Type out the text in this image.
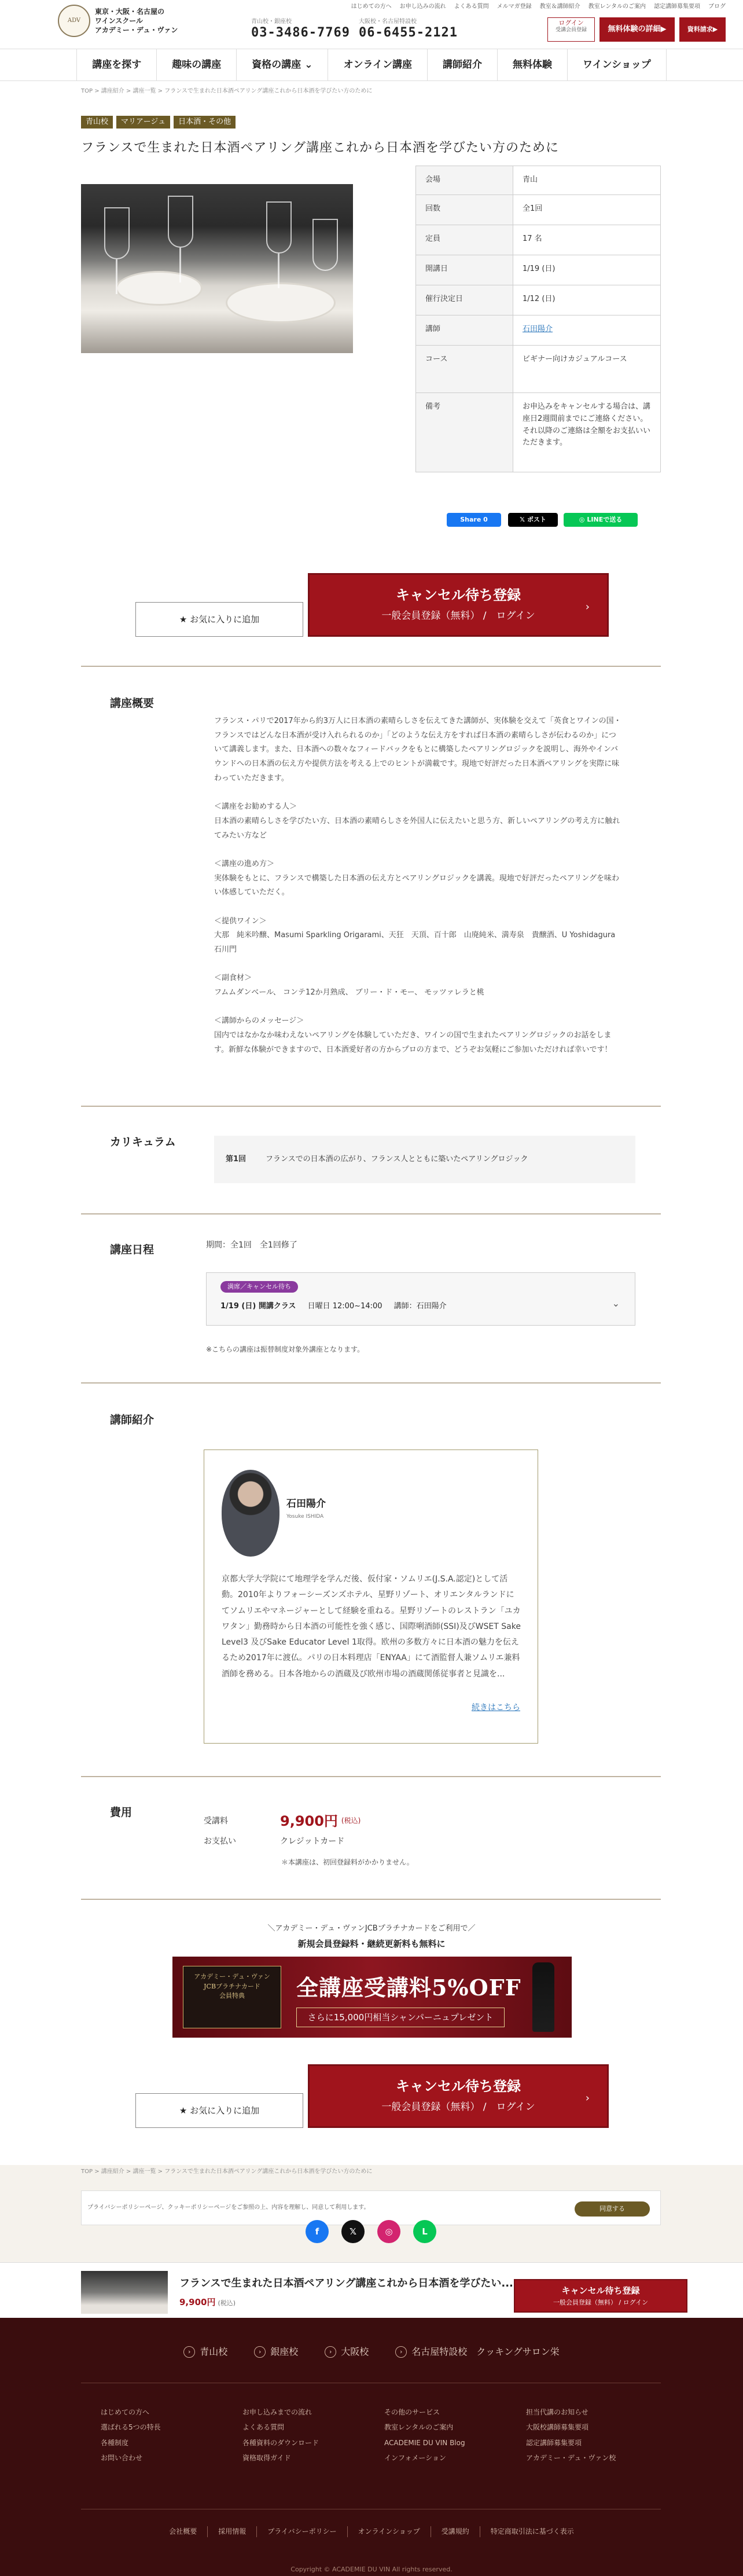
ADV
東京・大阪・名古屋の
ワインスクール
アカデミー・デュ・ヴァン
青山校・銀座校
03-3486-7769
大阪校・名古屋特設校
06-6455-2121
はじめての方へ お申し込みの流れ よくある質問 メルマガ登録 教室＆講師紹介 教室レンタルのご案内 認定講師募集要項 ブログ
ログイン
受講会員登録	無料体験の詳細▶	資料請求▶
講座を探す	趣味の講座	資格の講座 ⌄	オンライン講座	講師紹介	無料体験	ワインショップ
TOP > 講座紹介 > 講座一覧 > フランスで生まれた日本酒ペアリング講座これから日本酒を学びたい方のために
青山校	マリアージュ	日本酒・その他
フランスで生まれた日本酒ペアリング講座これから日本酒を学びたい方のために
会場	青山
回数	全1回
定員	17 名
開講日	1/19 (日)
催行決定日	1/12 (日)
講師	石田陽介
コース	ビギナー向けカジュアルコース
備考	お申込みをキャンセルする場合は、講座日2週間前までにご連絡ください。それ以降のご連絡は全額をお支払いいただきます。
Share 0	𝕏 ポスト	◎ LINEで送る
★ お気に入りに追加
キャンセル待ち登録
一般会員登録（無料） /　ログイン
›
講座概要
フランス・パリで2017年から約3万人に日本酒の素晴らしさを伝えてきた講師が、実体験を交えて「英食とワインの国・フランスではどんな日本酒が受け入れられるのか」「どのような伝え方をすれば日本酒の素晴らしさが伝わるのか」について講義します。また、日本酒への数々なフィードバックをもとに構築したペアリングロジックを説明し、海外やインバウンドへの日本酒の伝え方や提供方法を考える上でのヒントが満載です。現地で好評だった日本酒ペアリングを実際に味わっていただきます。

＜講座をお勧めする人＞
日本酒の素晴らしさを学びたい方、日本酒の素晴らしさを外国人に伝えたいと思う方、新しいペアリングの考え方に触れてみたい方など

＜講座の進め方＞
実体験をもとに、フランスで構築した日本酒の伝え方とペアリングロジックを講義。現地で好評だったペアリングを味わい体感していただく。

＜提供ワイン＞
大那　純米吟醸、Masumi Sparkling Origarami、天狂　天頂、百十郎　山廃純米、満寿泉　貴醸酒、U Yoshidagura 石川門

＜副食材＞
フムムダンベール、 コンテ12か月熟成、 ブリー・ド・モー、 モッツァレラと桃

＜講師からのメッセージ＞
国内ではなかなか味わえないペアリングを体験していただき、ワインの国で生まれたペアリングロジックのお話をします。新鮮な体験ができますので、日本酒愛好者の方からプロの方まで、どうぞお気軽にご参加いただければ幸いです！
カリキュラム
第1回	フランスでの日本酒の広がり、フランス人とともに築いたペアリングロジック
講座日程	期間：全1回　全1回修了
満席／キャンセル待ち
1/19 (日) 開講クラス 日曜日 12:00~14:00 講師：石田陽介	⌄
※こちらの講座は振替制度対象外講座となります。
講師紹介
石田陽介
Yosuke ISHIDA
京都大学大学院にて地理学を学んだ後、仮付家・ソムリエ(J.S.A.認定)として活動。2010年よりフォーシーズンズホテル、星野リゾート、オリエンタルランドにてソムリエやマネージャーとして経験を重ねる。星野リゾートのレストラン「ユカワタン」勤務時から日本酒の可能性を強く感じ、国際唎酒師(SSI)及びWSET Sake Level3 及びSake Educator Level 1取得。欧州の多数方々に日本酒の魅力を伝えるため2017年に渡仏。パリの日本料理店「ENYAA」にて酒監督人兼ソムリエ兼料酒師を務める。日本各地からの酒蔵及び欧州市場の酒蔵関係従事者と見識を...
続きはこちら
費用
受講料	9,900円 (税込)
お支払い	クレジットカード
＊本講座は、初回登録料がかかりません。
＼アカデミー・デュ・ヴァンJCBプラチナカードをご利用で／
新規会員登録料・継続更新料も無料に
アカデミー・デュ・ヴァン
JCBプラチナカード
会員特典	全講座受講料5%OFF
さらに15,000円相当シャンパーニュプレゼント
★ お気に入りに追加
キャンセル待ち登録
一般会員登録（無料） /　ログイン
›
TOP > 講座紹介 > 講座一覧 > フランスで生まれた日本酒ペアリング講座これから日本酒を学びたい方のために
プライバシーポリシーページ、クッキーポリシーページをご参照の上、内容を理解し、同意して利用します。	同意する
f	𝕏	◎	L
フランスで生まれた日本酒ペアリング講座これから日本酒を学びたい...
9,900円 (税込)
キャンセル待ち登録
一般会員登録（無料） / ログイン
› 青山校	› 銀座校	› 大阪校	› 名古屋特設校　クッキングサロン栄
はじめての方へ
選ばれる5つの特長
各種制度
お問い合わせ
お申し込みまでの流れ
よくある質問
各種資料のダウンロード
資格取得ガイド
その他のサービス
教室レンタルのご案内
ACADEMIE DU VIN Blog
インフォメーション
担当代講のお知らせ
大阪校講師募集要項
認定講師募集要項
アカデミー・デュ・ヴァン校
会社概要	採用情報	プライバシーポリシー	オンラインショップ	受講規約	特定商取引法に基づく表示
Copyright © ACADEMIE DU VIN All rights reserved.
